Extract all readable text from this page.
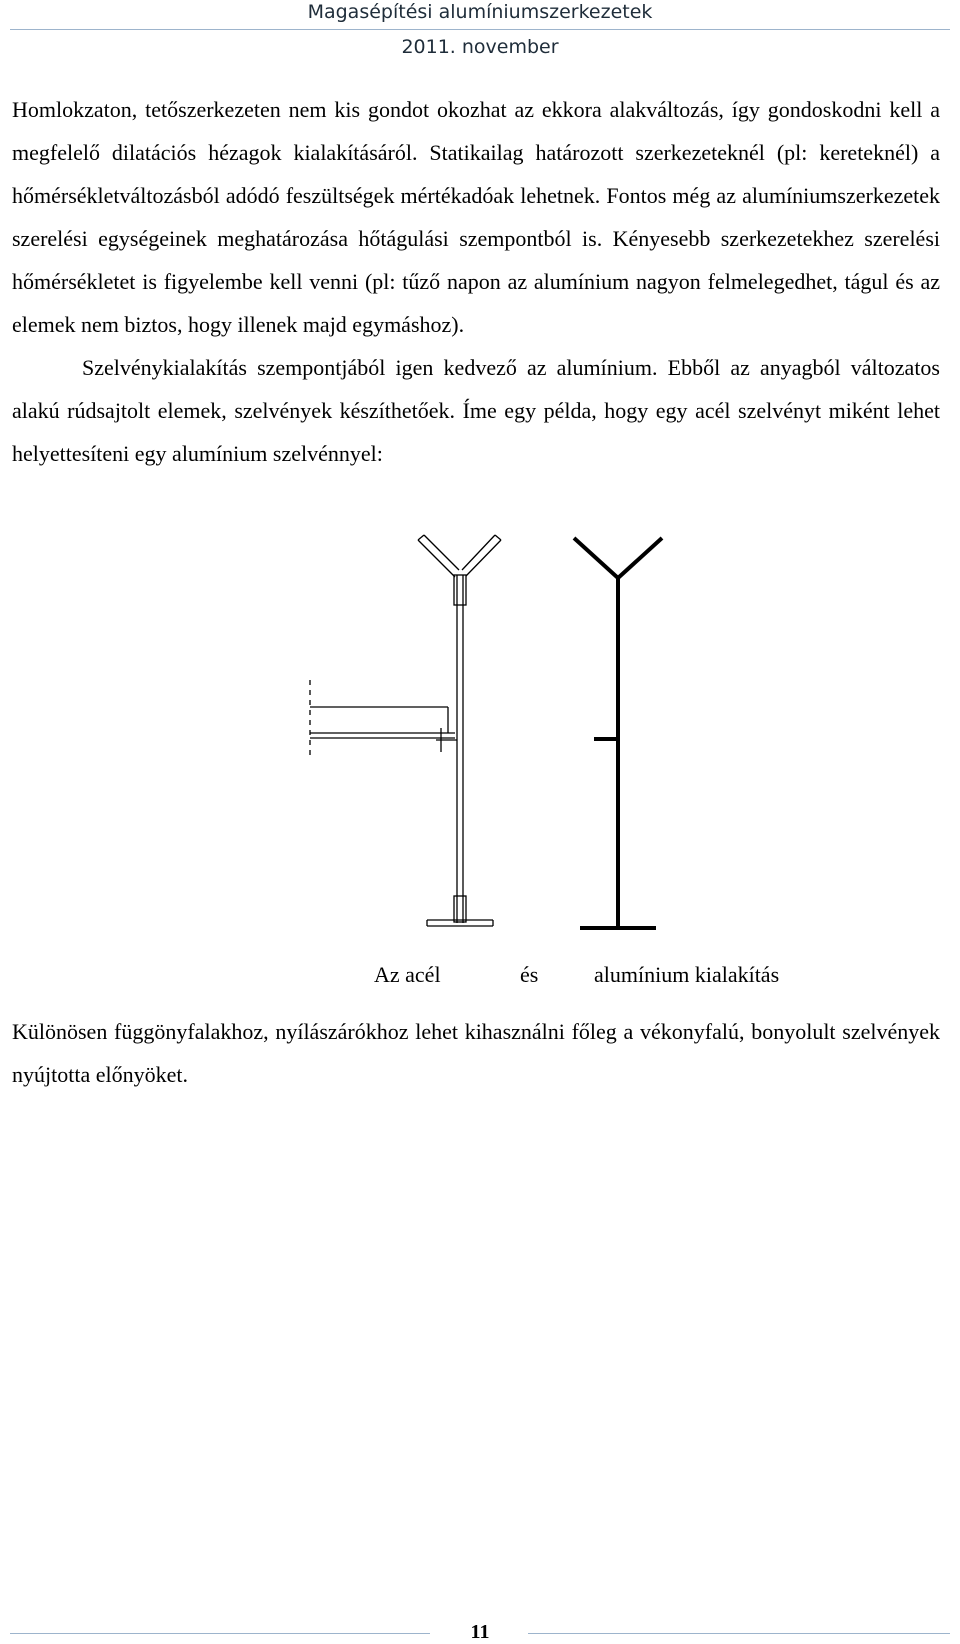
Magasépítési alumíniumszerkezetek
2011. november

Homlokzaton, tetőszerkezeten nem kis gondot okozhat az ekkora alakváltozás, így gondoskodni kell a megfelelő dilatációs hézagok kialakításáról. Statikailag határozott szerkezeteknél (pl: kereteknél) a hőmérsékletváltozásból adódó feszültségek mértékadóak lehetnek. Fontos még az alumíniumszerkezetek szerelési egységeinek meghatározása hőtágulási szempontból is. Kényesebb szerkezetekhez szerelési hőmérsékletet is figyelembe kell venni (pl: tűző napon az alumínium nagyon felmelegedhet, tágul és az elemek nem biztos, hogy illenek majd egymáshoz).

Szelvénykialakítás szempontjából igen kedvező az alumínium. Ebből az anyagból változatos alakú rúdsajtolt elemek, szelvények készíthetőek. Íme egy példa, hogy egy acél szelvényt miként lehet helyettesíteni egy alumínium szelvénnyel:

Az acél	és	alumínium kialakítás

Különösen függönyfalakhoz, nyílászárókhoz lehet kihasználni főleg a vékonyfalú, bonyolult szelvények nyújtotta előnyöket.

11
